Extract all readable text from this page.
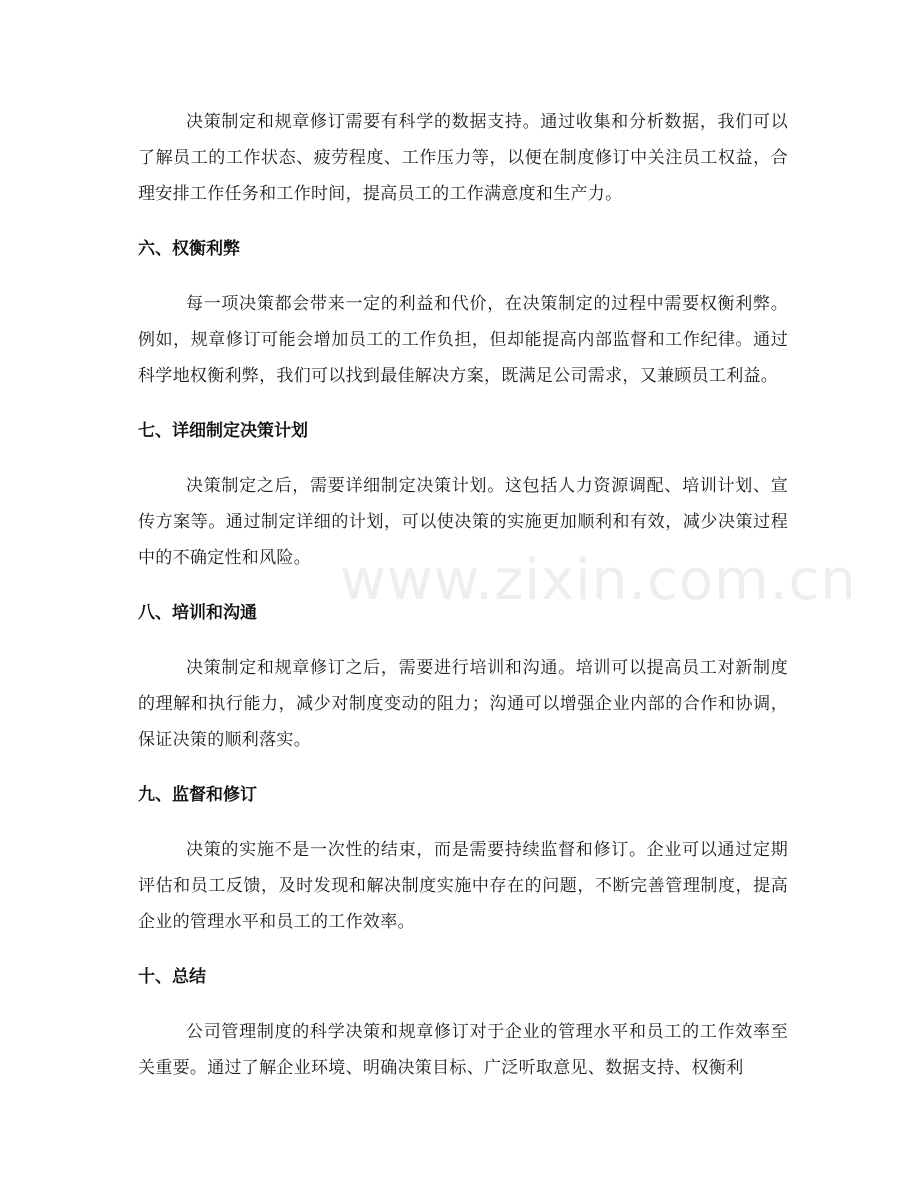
决策制定和规章修订需要有科学的数据支持。通过收集和分析数据，我们可以了解员工的工作状态、疲劳程度、工作压力等，以便在制度修订中关注员工权益，合理安排工作任务和工作时间，提高员工的工作满意度和生产力。

六、权衡利弊

每一项决策都会带来一定的利益和代价，在决策制定的过程中需要权衡利弊。例如，规章修订可能会增加员工的工作负担，但却能提高内部监督和工作纪律。通过科学地权衡利弊，我们可以找到最佳解决方案，既满足公司需求，又兼顾员工利益。

七、详细制定决策计划

决策制定之后，需要详细制定决策计划。这包括人力资源调配、培训计划、宣传方案等。通过制定详细的计划，可以使决策的实施更加顺利和有效，减少决策过程中的不确定性和风险。

八、培训和沟通

决策制定和规章修订之后，需要进行培训和沟通。培训可以提高员工对新制度的理解和执行能力，减少对制度变动的阻力；沟通可以增强企业内部的合作和协调，保证决策的顺利落实。

九、监督和修订

决策的实施不是一次性的结束，而是需要持续监督和修订。企业可以通过定期评估和员工反馈，及时发现和解决制度实施中存在的问题，不断完善管理制度，提高企业的管理水平和员工的工作效率。

十、总结

公司管理制度的科学决策和规章修订对于企业的管理水平和员工的工作效率至关重要。通过了解企业环境、明确决策目标、广泛听取意见、数据支持、权衡利

www.zixin.com.cn
